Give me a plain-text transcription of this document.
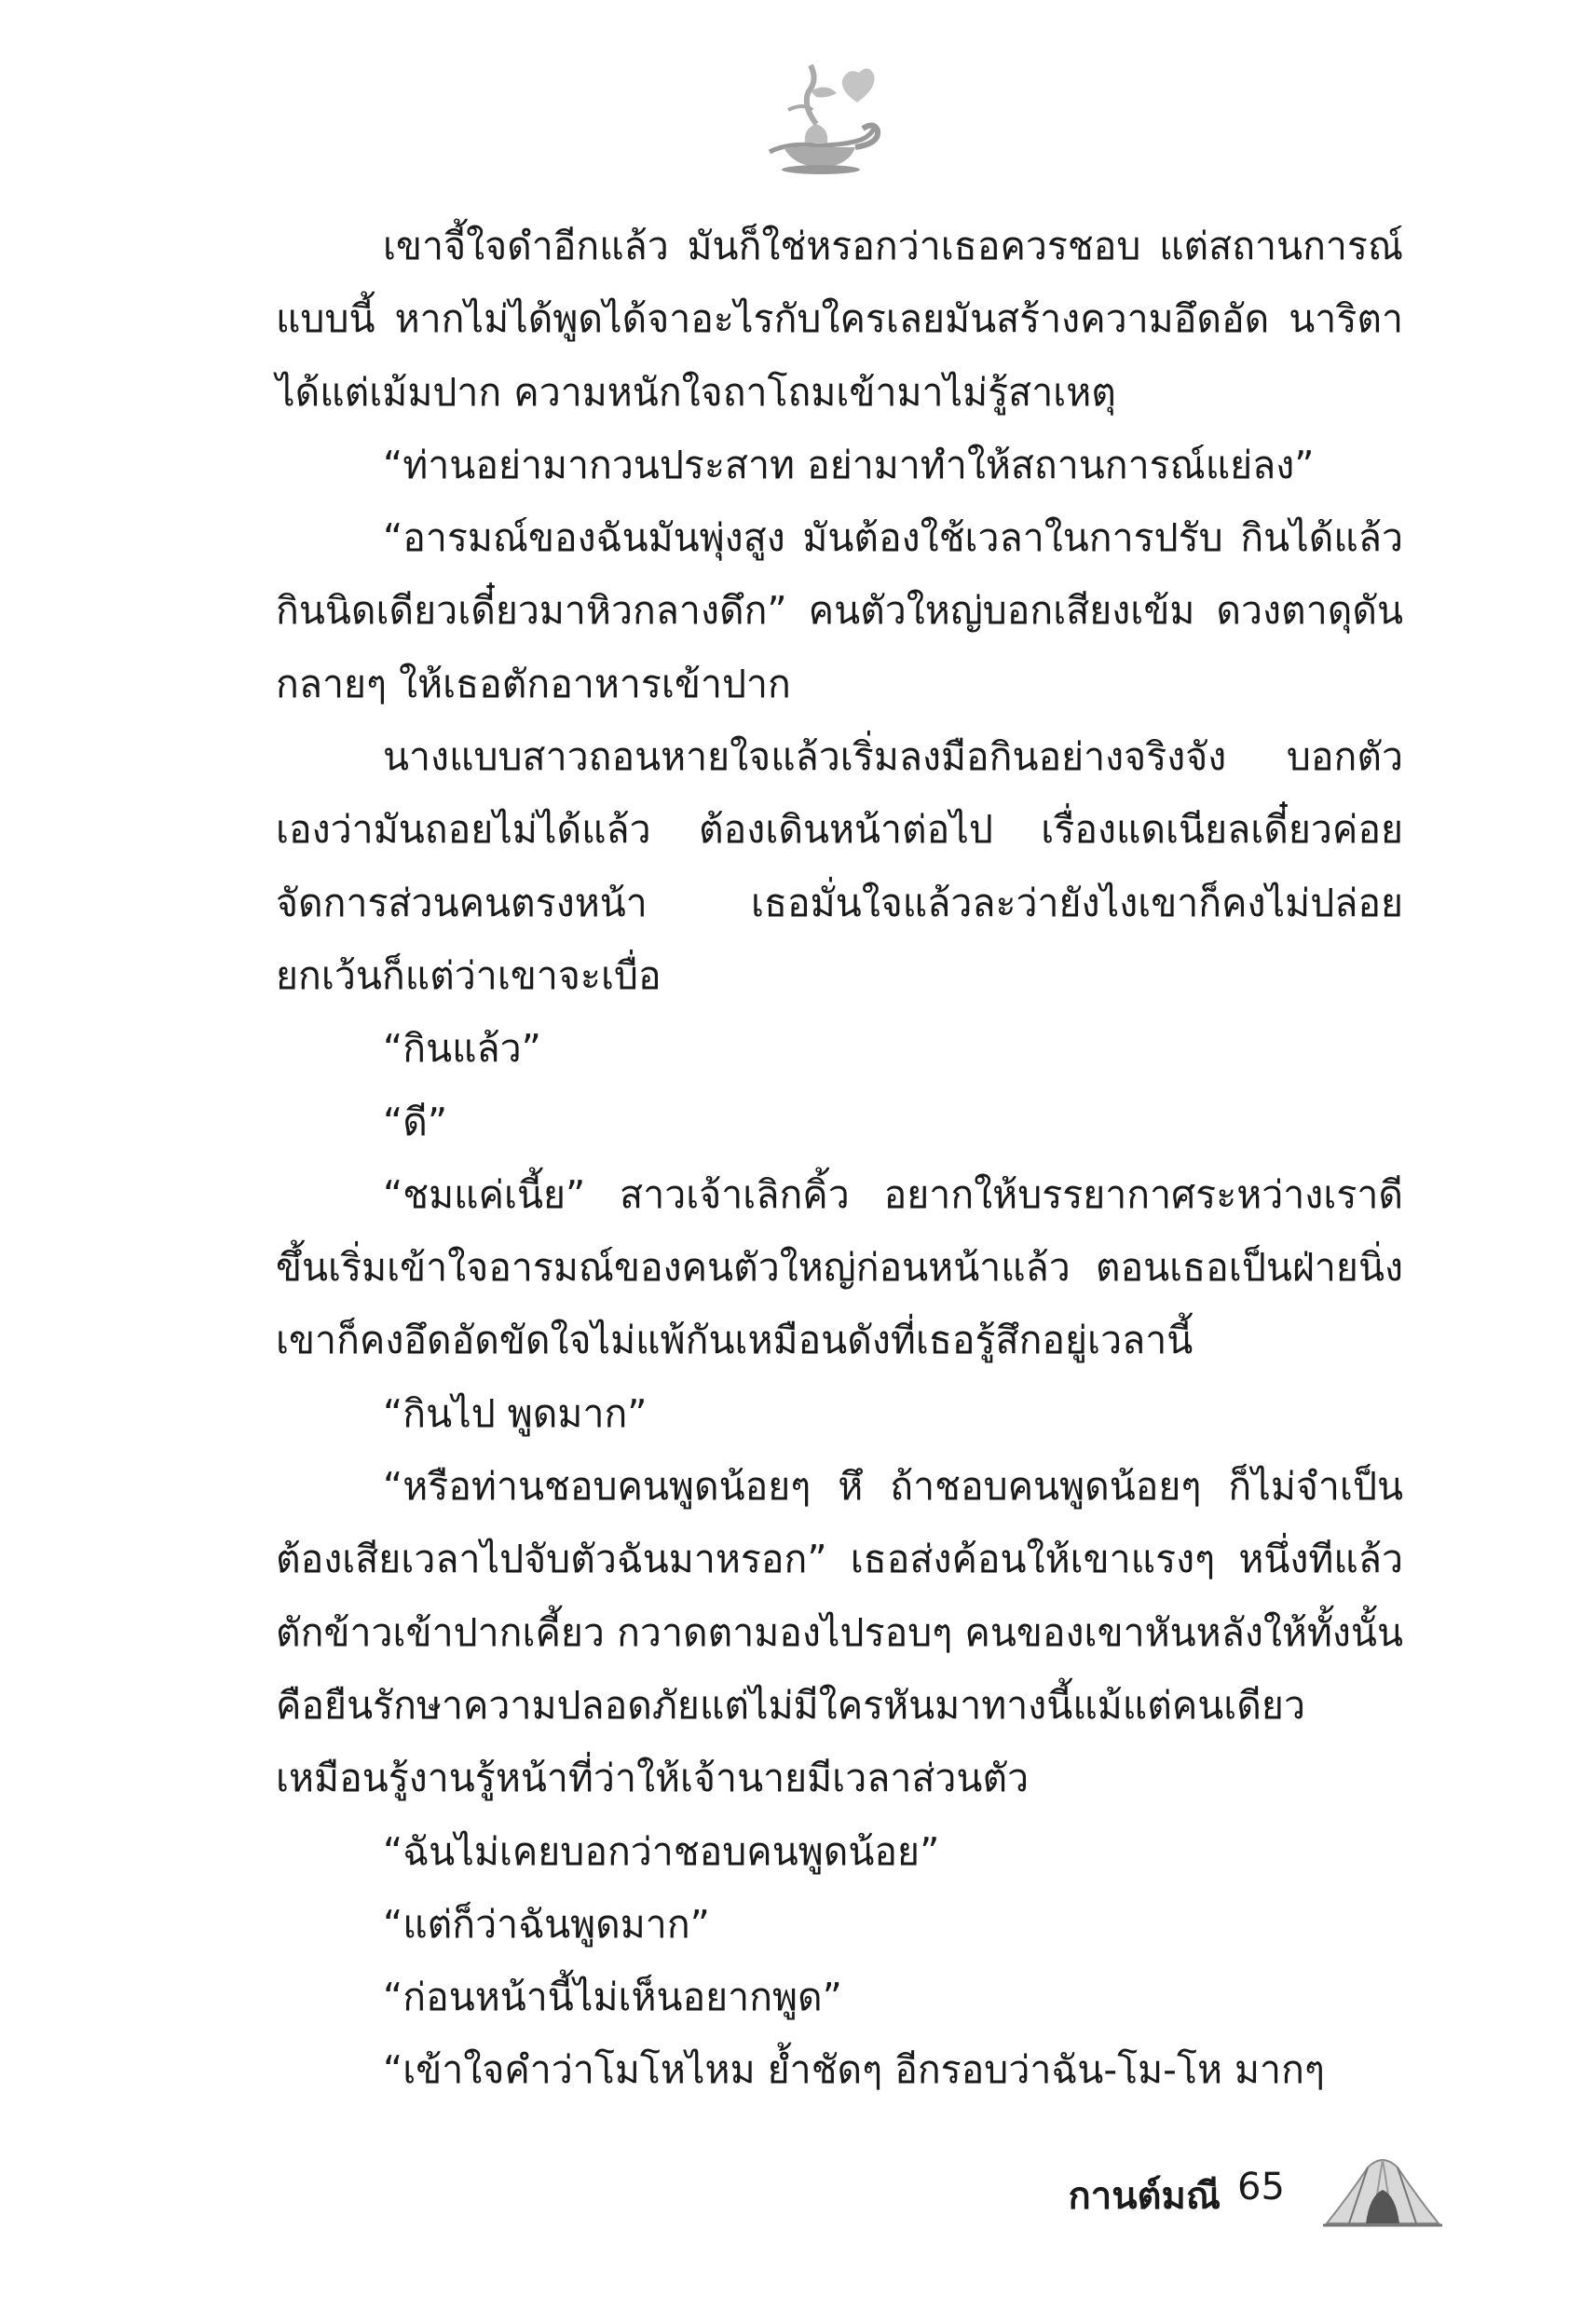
เขาจี้ใจดำอีกแล้ว มันก็ใช่หรอกว่าเธอควรชอบ แต่สถานการณ์แบบนี้ หากไม่ได้พูดได้จาอะไรกับใครเลยมันสร้างความอึดอัด นาริตาได้แต่เม้มปาก ความหนักใจถาโถมเข้ามาไม่รู้สาเหตุ

“ท่านอย่ามากวนประสาท อย่ามาทำให้สถานการณ์แย่ลง”

“อารมณ์ของฉันมันพุ่งสูง มันต้องใช้เวลาในการปรับ กินได้แล้วกินนิดเดียวเดี๋ยวมาหิวกลางดึก” คนตัวใหญ่บอกเสียงเข้ม ดวงตาดุดันกลายๆ ให้เธอตักอาหารเข้าปาก

นางแบบสาวถอนหายใจแล้วเริ่มลงมือกินอย่างจริงจัง บอกตัวเองว่ามันถอยไม่ได้แล้ว ต้องเดินหน้าต่อไป เรื่องแดเนียลเดี๋ยวค่อยจัดการส่วนคนตรงหน้า เธอมั่นใจแล้วละว่ายังไงเขาก็คงไม่ปล่อย ยกเว้นก็แต่ว่าเขาจะเบื่อ

“กินแล้ว”

“ดี”

“ชมแค่เนี้ย” สาวเจ้าเลิกคิ้ว อยากให้บรรยากาศระหว่างเราดีขึ้นเริ่มเข้าใจอารมณ์ของคนตัวใหญ่ก่อนหน้าแล้ว ตอนเธอเป็นฝ่ายนิ่งเขาก็คงอึดอัดขัดใจไม่แพ้กันเหมือนดังที่เธอรู้สึกอยู่เวลานี้

“กินไป พูดมาก”

“หรือท่านชอบคนพูดน้อยๆ หึ ถ้าชอบคนพูดน้อยๆ ก็ไม่จำเป็นต้องเสียเวลาไปจับตัวฉันมาหรอก” เธอส่งค้อนให้เขาแรงๆ หนึ่งทีแล้วตักข้าวเข้าปากเคี้ยว กวาดตามองไปรอบๆ คนของเขาหันหลังให้ทั้งนั้นคือยืนรักษาความปลอดภัยแต่ไม่มีใครหันมาทางนี้แม้แต่คนเดียวเหมือนรู้งานรู้หน้าที่ว่าให้เจ้านายมีเวลาส่วนตัว

“ฉันไม่เคยบอกว่าชอบคนพูดน้อย”

“แต่ก็ว่าฉันพูดมาก”

“ก่อนหน้านี้ไม่เห็นอยากพูด”

“เข้าใจคำว่าโมโหไหม ย้ำชัดๆ อีกรอบว่าฉัน-โม-โห มากๆ

กานต์มณี 65
